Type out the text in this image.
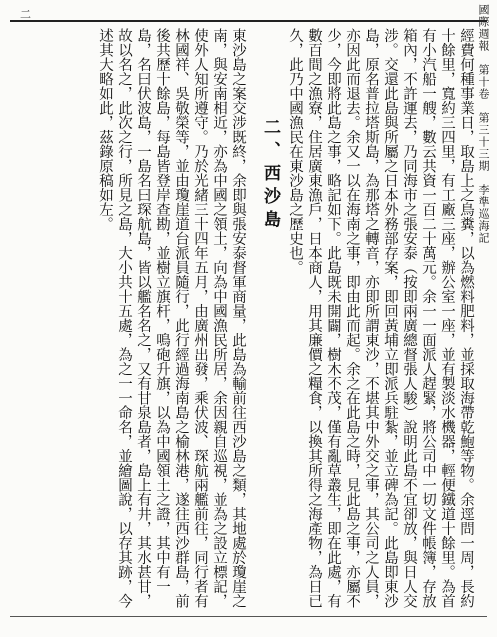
國際週報　第十卷　第三十三期　李準巡海記
二
經費何種事業日，取島上之鳥糞，以為燃料肥料，並採取海帶乾鮑等物。余逕問一周，長約十餘里，寬約三四里，有工廠三座，辦公室一座，並有製淡水機器，輕便鐵道十餘里。為首有小汽船一艘，數云共資一百二十萬元。余一一面派人趕緊，將公司中一切文件帳簿，存放箱內，不許運去，乃同海市之張安泰（按即兩廣總督張人駿）說明此島不宜卻放，與日人交涉。交還此島與所屬之日本外務部存案，即回黃埔立即派兵駐紮，並立碑為記。此島即東沙島，原名普拉塔斯島，為那塔之轉音，亦即所謂東沙，不堪其中外交之事，其公司之人員，亦因此而退去。余又一以在海南之事，即由此而起。余之在此島之時，見此島之事，亦屬不少，今即將此島之事，略記如下。此島既未開闢，樹木不茂，僅有亂草叢生，即在此處，有數百間之漁寮，住居廣東漁戶，日本商人，用其廉價之糧食，以換其所得之海產物，為日已久，此乃中國漁民在東沙島之歷史也。
二、西沙島
東沙島之案交涉既終，余即與張安泰督軍商量，此島為輸前往西沙島之類，其地處於瓊崖之南，與安南相近，亦為中國之領土，向為中國漁民所居，余因親自巡視，並為之設立標記，使外人知所遵守。乃於光緒三十四年五月，由廣州出發，乘伏波、琛航兩艦前往，同行者有林國祥、吳敬榮等，並由瓊崖道台派員隨行，此行經過海南島之榆林港，遂往西沙群島，前後共歷十餘島，每島皆登岸查勘，並樹立旗杆，鳴砲升旗，以為中國領土之證，其中有一島，名曰伏波島，一島名曰琛航島，皆以艦名名之，又有甘泉島者，島上有井，其水甚甘，故以名之，此次之行，所見之島，大小共十五處，為之一一命名，並繪圖說，以存其跡，今述其大略如此，茲錄原稿如左。
